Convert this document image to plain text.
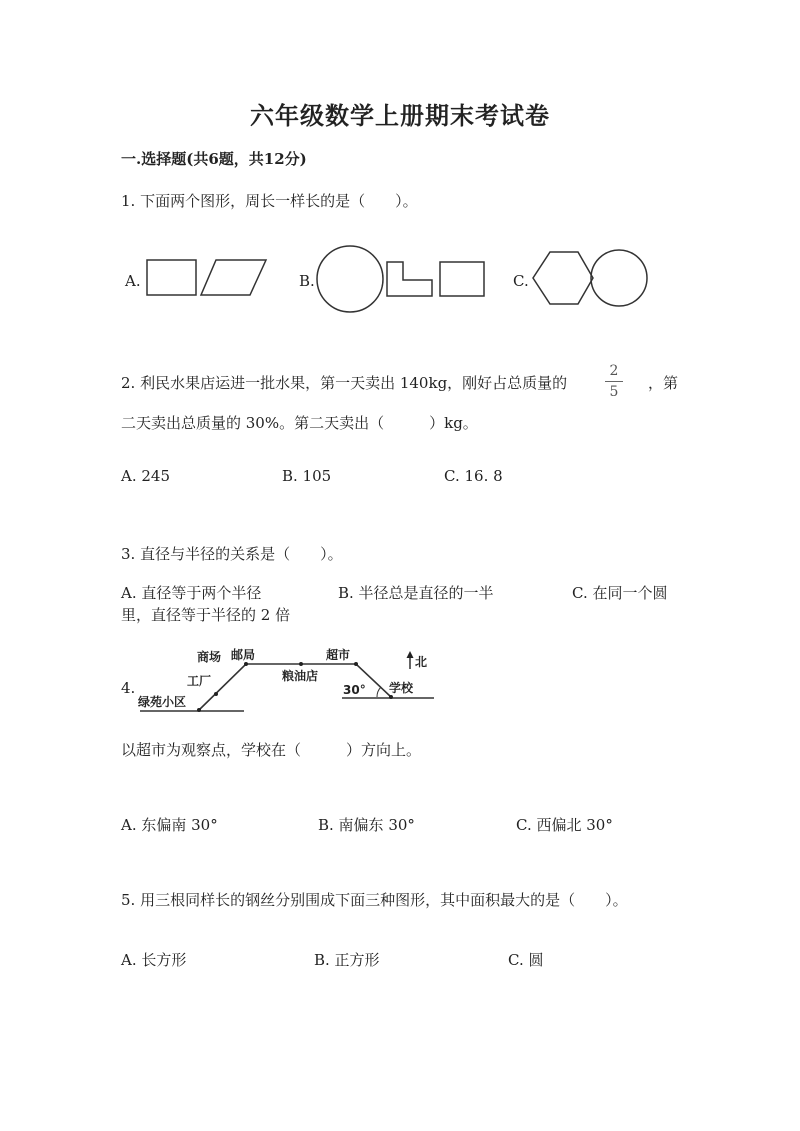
六年级数学上册期末考试卷
一.选择题(共6题，共12分)
1. 下面两个图形，周长一样长的是（　　）。
A.	B.	C.
2. 利民水果店运进一批水果，第一天卖出 140kg，刚好占总质量的
2
5	，第
二天卖出总质量的 30%。第二天卖出（　　　）kg。
A. 245	B. 105	C. 16. 8
3. 直径与半径的关系是（　　）。
A. 直径等于两个半径	B. 半径总是直径的一半	C. 在同一个圆
里，直径等于半径的 2 倍
4.
商场 邮局	超市	北
工厂	粮油店
30° 学校
绿苑小区
以超市为观察点，学校在（　　　）方向上。
A. 东偏南 30°	B. 南偏东 30°	C. 西偏北 30°
5. 用三根同样长的钢丝分别围成下面三种图形，其中面积最大的是（　　）。
A. 长方形	B. 正方形	C. 圆
